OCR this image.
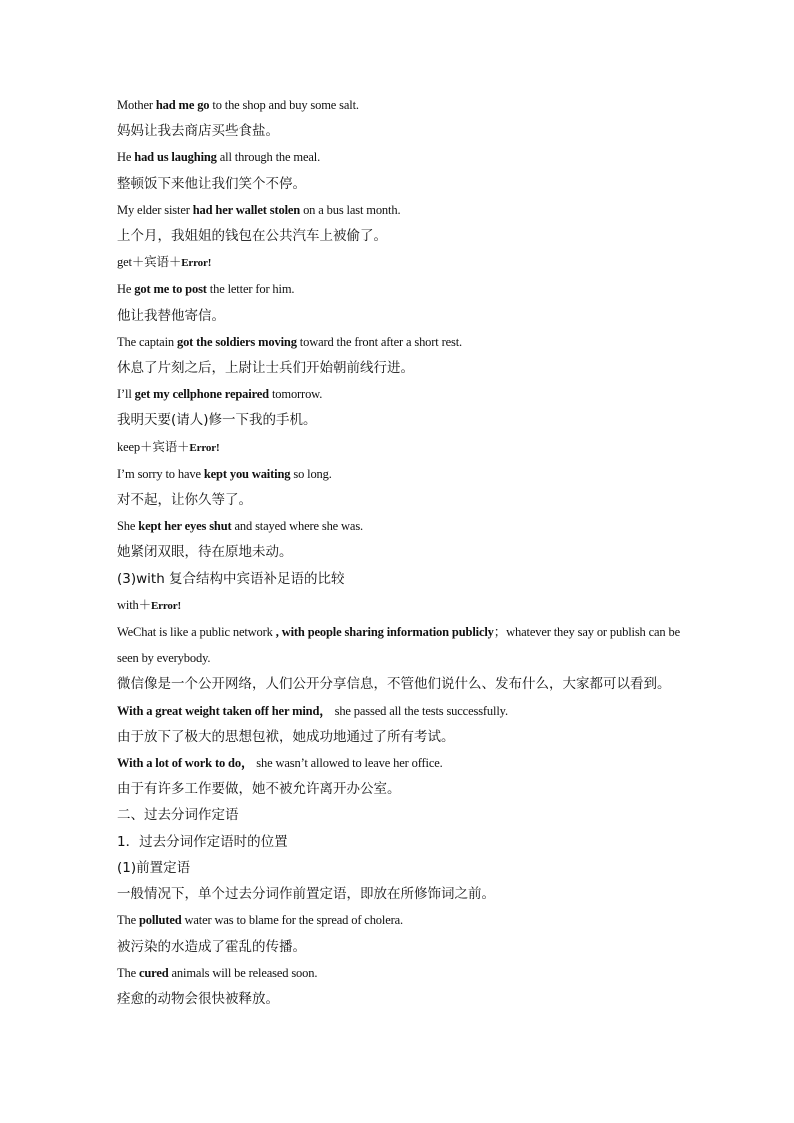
Mother had me go to the shop and buy some salt.

妈妈让我去商店买些食盐。

He had us laughing all through the meal.

整顿饭下来他让我们笑个不停。

My elder sister had her wallet stolen on a bus last month.

上个月，我姐姐的钱包在公共汽车上被偷了。

get＋宾语＋Error!

He got me to post the letter for him.

他让我替他寄信。

The captain got the soldiers moving toward the front after a short rest.

休息了片刻之后，上尉让士兵们开始朝前线行进。

I’ll get my cellphone repaired tomorrow.

我明天要(请人)修一下我的手机。

keep＋宾语＋Error!

I’m sorry to have kept you waiting so long.

对不起，让你久等了。

She kept her eyes shut and stayed where she was.

她紧闭双眼，待在原地未动。

(3)with 复合结构中宾语补足语的比较

with＋Error!

WeChat is like a public network , with people sharing information publicly；whatever they say or publish can be seen by everybody.

微信像是一个公开网络，人们公开分享信息，不管他们说什么、发布什么，大家都可以看到。

With a great weight taken off her mind， she passed all the tests successfully.

由于放下了极大的思想包袱，她成功地通过了所有考试。

With a lot of work to do， she wasn’t allowed to leave her office.

由于有许多工作要做，她不被允许离开办公室。

二、过去分词作定语

1．过去分词作定语时的位置

(1)前置定语

一般情况下，单个过去分词作前置定语，即放在所修饰词之前。

The polluted water was to blame for the spread of cholera.

被污染的水造成了霍乱的传播。

The cured animals will be released soon.

痊愈的动物会很快被释放。
